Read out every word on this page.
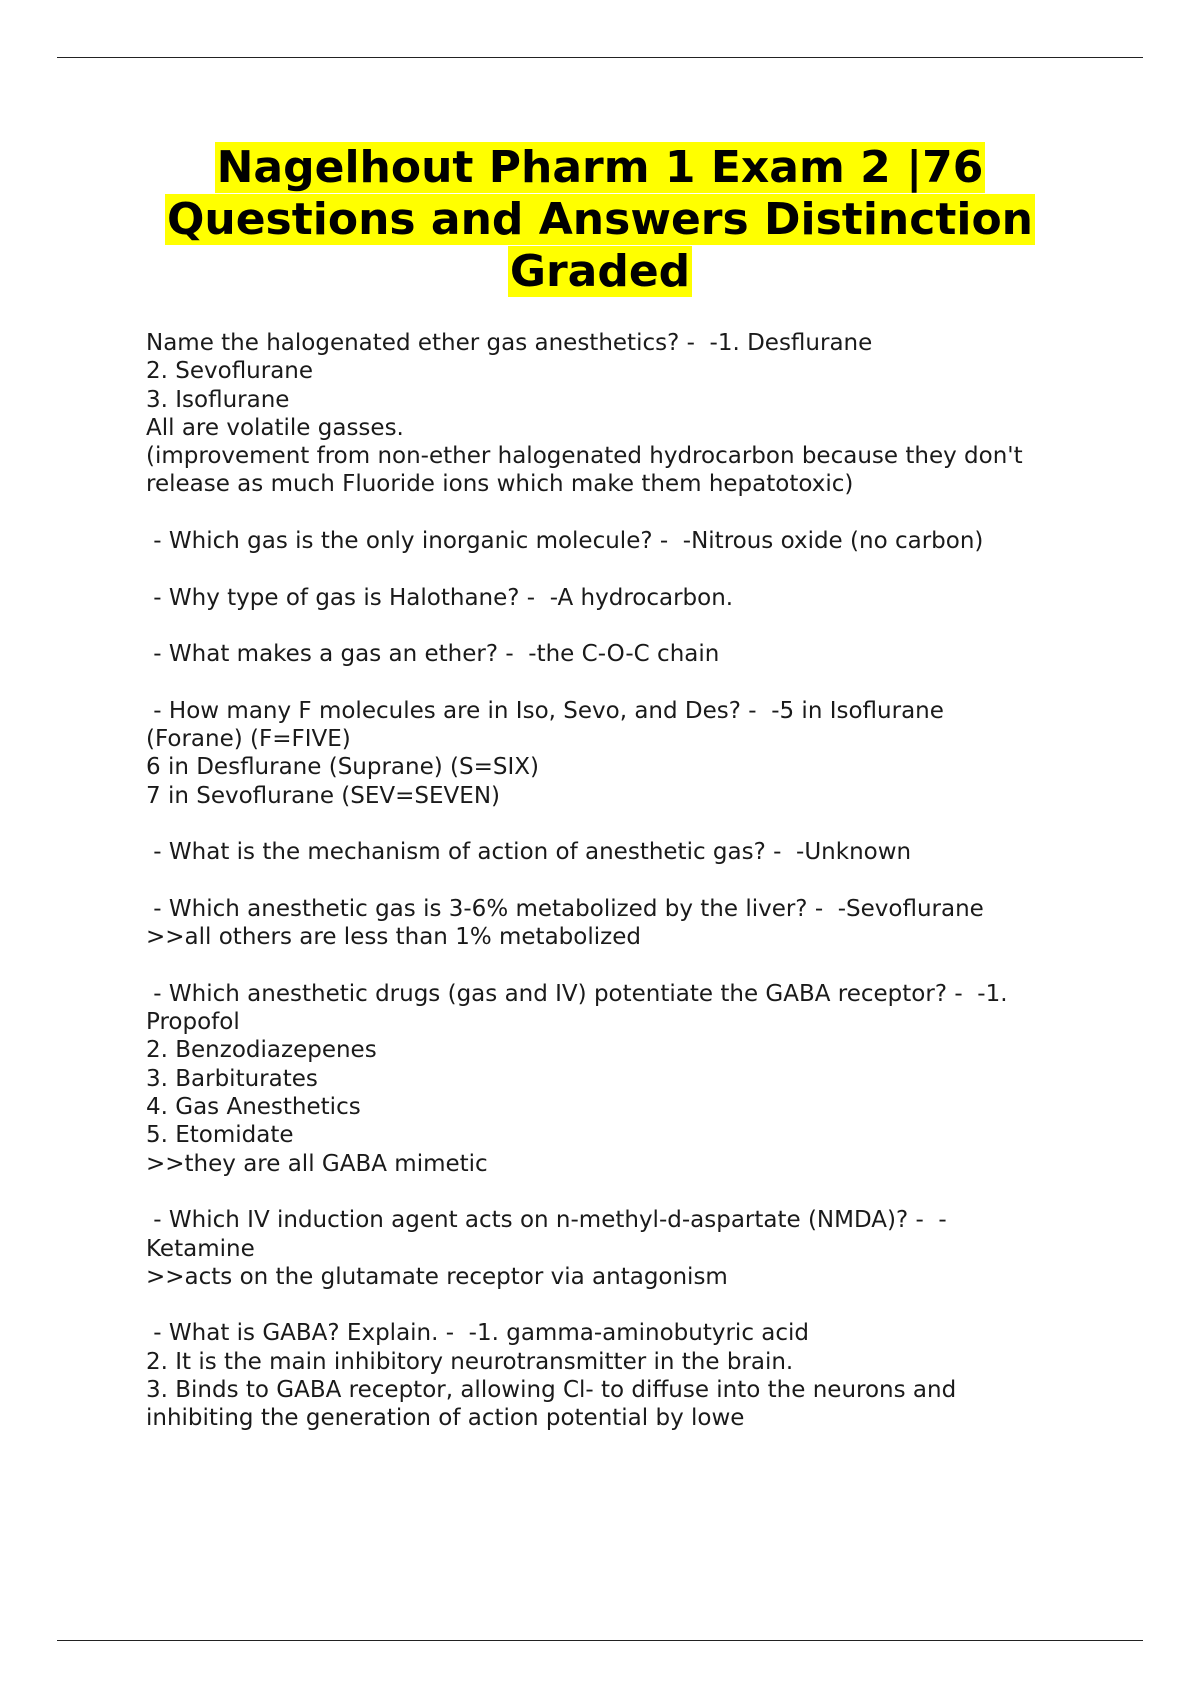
Nagelhout Pharm 1 Exam 2 |76
Questions and Answers Distinction
Graded
Name the halogenated ether gas anesthetics? -  -1. Desflurane
2. Sevoflurane
3. Isoflurane
All are volatile gasses.
(improvement from non-ether halogenated hydrocarbon because they don't
release as much Fluoride ions which make them hepatotoxic)
- Which gas is the only inorganic molecule? -  -Nitrous oxide (no carbon)
- Why type of gas is Halothane? -  -A hydrocarbon.
- What makes a gas an ether? -  -the C-O-C chain
- How many F molecules are in Iso, Sevo, and Des? -  -5 in Isoflurane
(Forane) (F=FIVE)
6 in Desflurane (Suprane) (S=SIX)
7 in Sevoflurane (SEV=SEVEN)
- What is the mechanism of action of anesthetic gas? -  -Unknown
- Which anesthetic gas is 3-6% metabolized by the liver? -  -Sevoflurane
>>all others are less than 1% metabolized
- Which anesthetic drugs (gas and IV) potentiate the GABA receptor? -  -1.
Propofol
2. Benzodiazepenes
3. Barbiturates
4. Gas Anesthetics
5. Etomidate
>>they are all GABA mimetic
- Which IV induction agent acts on n-methyl-d-aspartate (NMDA)? -  -
Ketamine
>>acts on the glutamate receptor via antagonism
- What is GABA? Explain. -  -1. gamma-aminobutyric acid
2. It is the main inhibitory neurotransmitter in the brain.
3. Binds to GABA receptor, allowing Cl- to diffuse into the neurons and
inhibiting the generation of action potential by lowe
